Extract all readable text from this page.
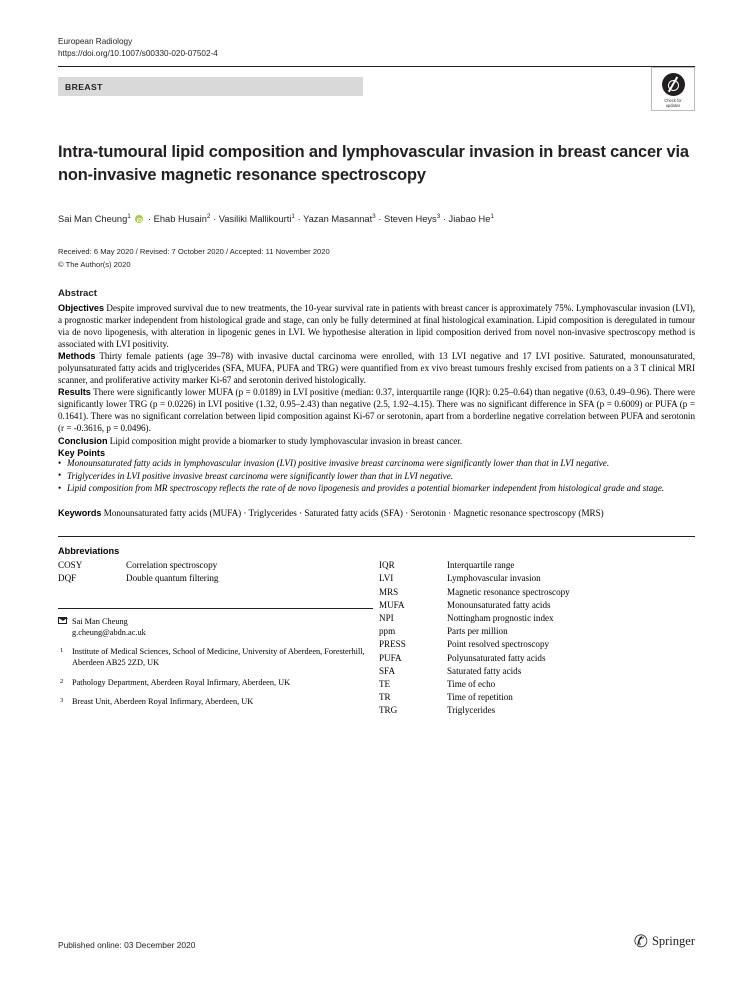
European Radiology
https://doi.org/10.1007/s00330-020-07502-4
BREAST
Check for
updates
Intra-tumoural lipid composition and lymphovascular invasion in breast cancer via non-invasive magnetic resonance spectroscopy
Sai Man Cheung$^1$ iD · Ehab Husain$^2$ · Vasiliki Mallikourti$^1$ · Yazan Masannat$^3$ · Steven Heys$^3$ · Jiabao He$^1$
Received: 6 May 2020 / Revised: 7 October 2020 / Accepted: 11 November 2020
© The Author(s) 2020
Abstract

Objectives Despite improved survival due to new treatments, the 10-year survival rate in patients with breast cancer is approximately 75%. Lymphovascular invasion (LVI), a prognostic marker independent from histological grade and stage, can only be fully determined at final histological examination. Lipid composition is deregulated in tumour via de novo lipogenesis, with alteration in lipogenic genes in LVI. We hypothesise alteration in lipid composition derived from novel non-invasive spectroscopy method is associated with LVI positivity.

Methods Thirty female patients (age 39–78) with invasive ductal carcinoma were enrolled, with 13 LVI negative and 17 LVI positive. Saturated, monounsaturated, polyunsaturated fatty acids and triglycerides (SFA, MUFA, PUFA and TRG) were quantified from ex vivo breast tumours freshly excised from patients on a 3 T clinical MRI scanner, and proliferative activity marker Ki-67 and serotonin derived histologically.

Results There were significantly lower MUFA (p = 0.0189) in LVI positive (median: 0.37, interquartile range (IQR): 0.25–0.64) than negative (0.63, 0.49–0.96). There were significantly lower TRG (p = 0.0226) in LVI positive (1.32, 0.95–2.43) than negative (2.5, 1.92–4.15). There was no significant difference in SFA (p = 0.6009) or PUFA (p = 0.1641). There was no significant correlation between lipid composition against Ki-67 or serotonin, apart from a borderline negative correlation between PUFA and serotonin (r = -0.3616, p = 0.0496).

Conclusion Lipid composition might provide a biomarker to study lymphovascular invasion in breast cancer.

Key Points
• Monounsaturated fatty acids in lymphovascular invasion (LVI) positive invasive breast carcinoma were significantly lower than that in LVI negative.
• Triglycerides in LVI positive invasive breast carcinoma were significantly lower than that in LVI negative.
• Lipid composition from MR spectroscopy reflects the rate of de novo lipogenesis and provides a potential biomarker independent from histological grade and stage.

Keywords Monounsaturated fatty acids (MUFA) · Triglycerides · Saturated fatty acids (SFA) · Serotonin · Magnetic resonance spectroscopy (MRS)

Abbreviations
COSY	Correlation spectroscopy
DQF	Double quantum filtering
Sai Man Cheung
g.cheung@abdn.ac.uk
1 Institute of Medical Sciences, School of Medicine, University of Aberdeen, Foresterhill, Aberdeen AB25 2ZD, UK
2 Pathology Department, Aberdeen Royal Infirmary, Aberdeen, UK
3 Breast Unit, Aberdeen Royal Infirmary, Aberdeen, UK
IQR	Interquartile range
LVI	Lymphovascular invasion
MRS	Magnetic resonance spectroscopy
MUFA	Monounsaturated fatty acids
NPI	Nottingham prognostic index
ppm	Parts per million
PRESS	Point resolved spectroscopy
PUFA	Polyunsaturated fatty acids
SFA	Saturated fatty acids
TE	Time of echo
TR	Time of repetition
TRG	Triglycerides
Published online: 03 December 2020	✆ Springer
